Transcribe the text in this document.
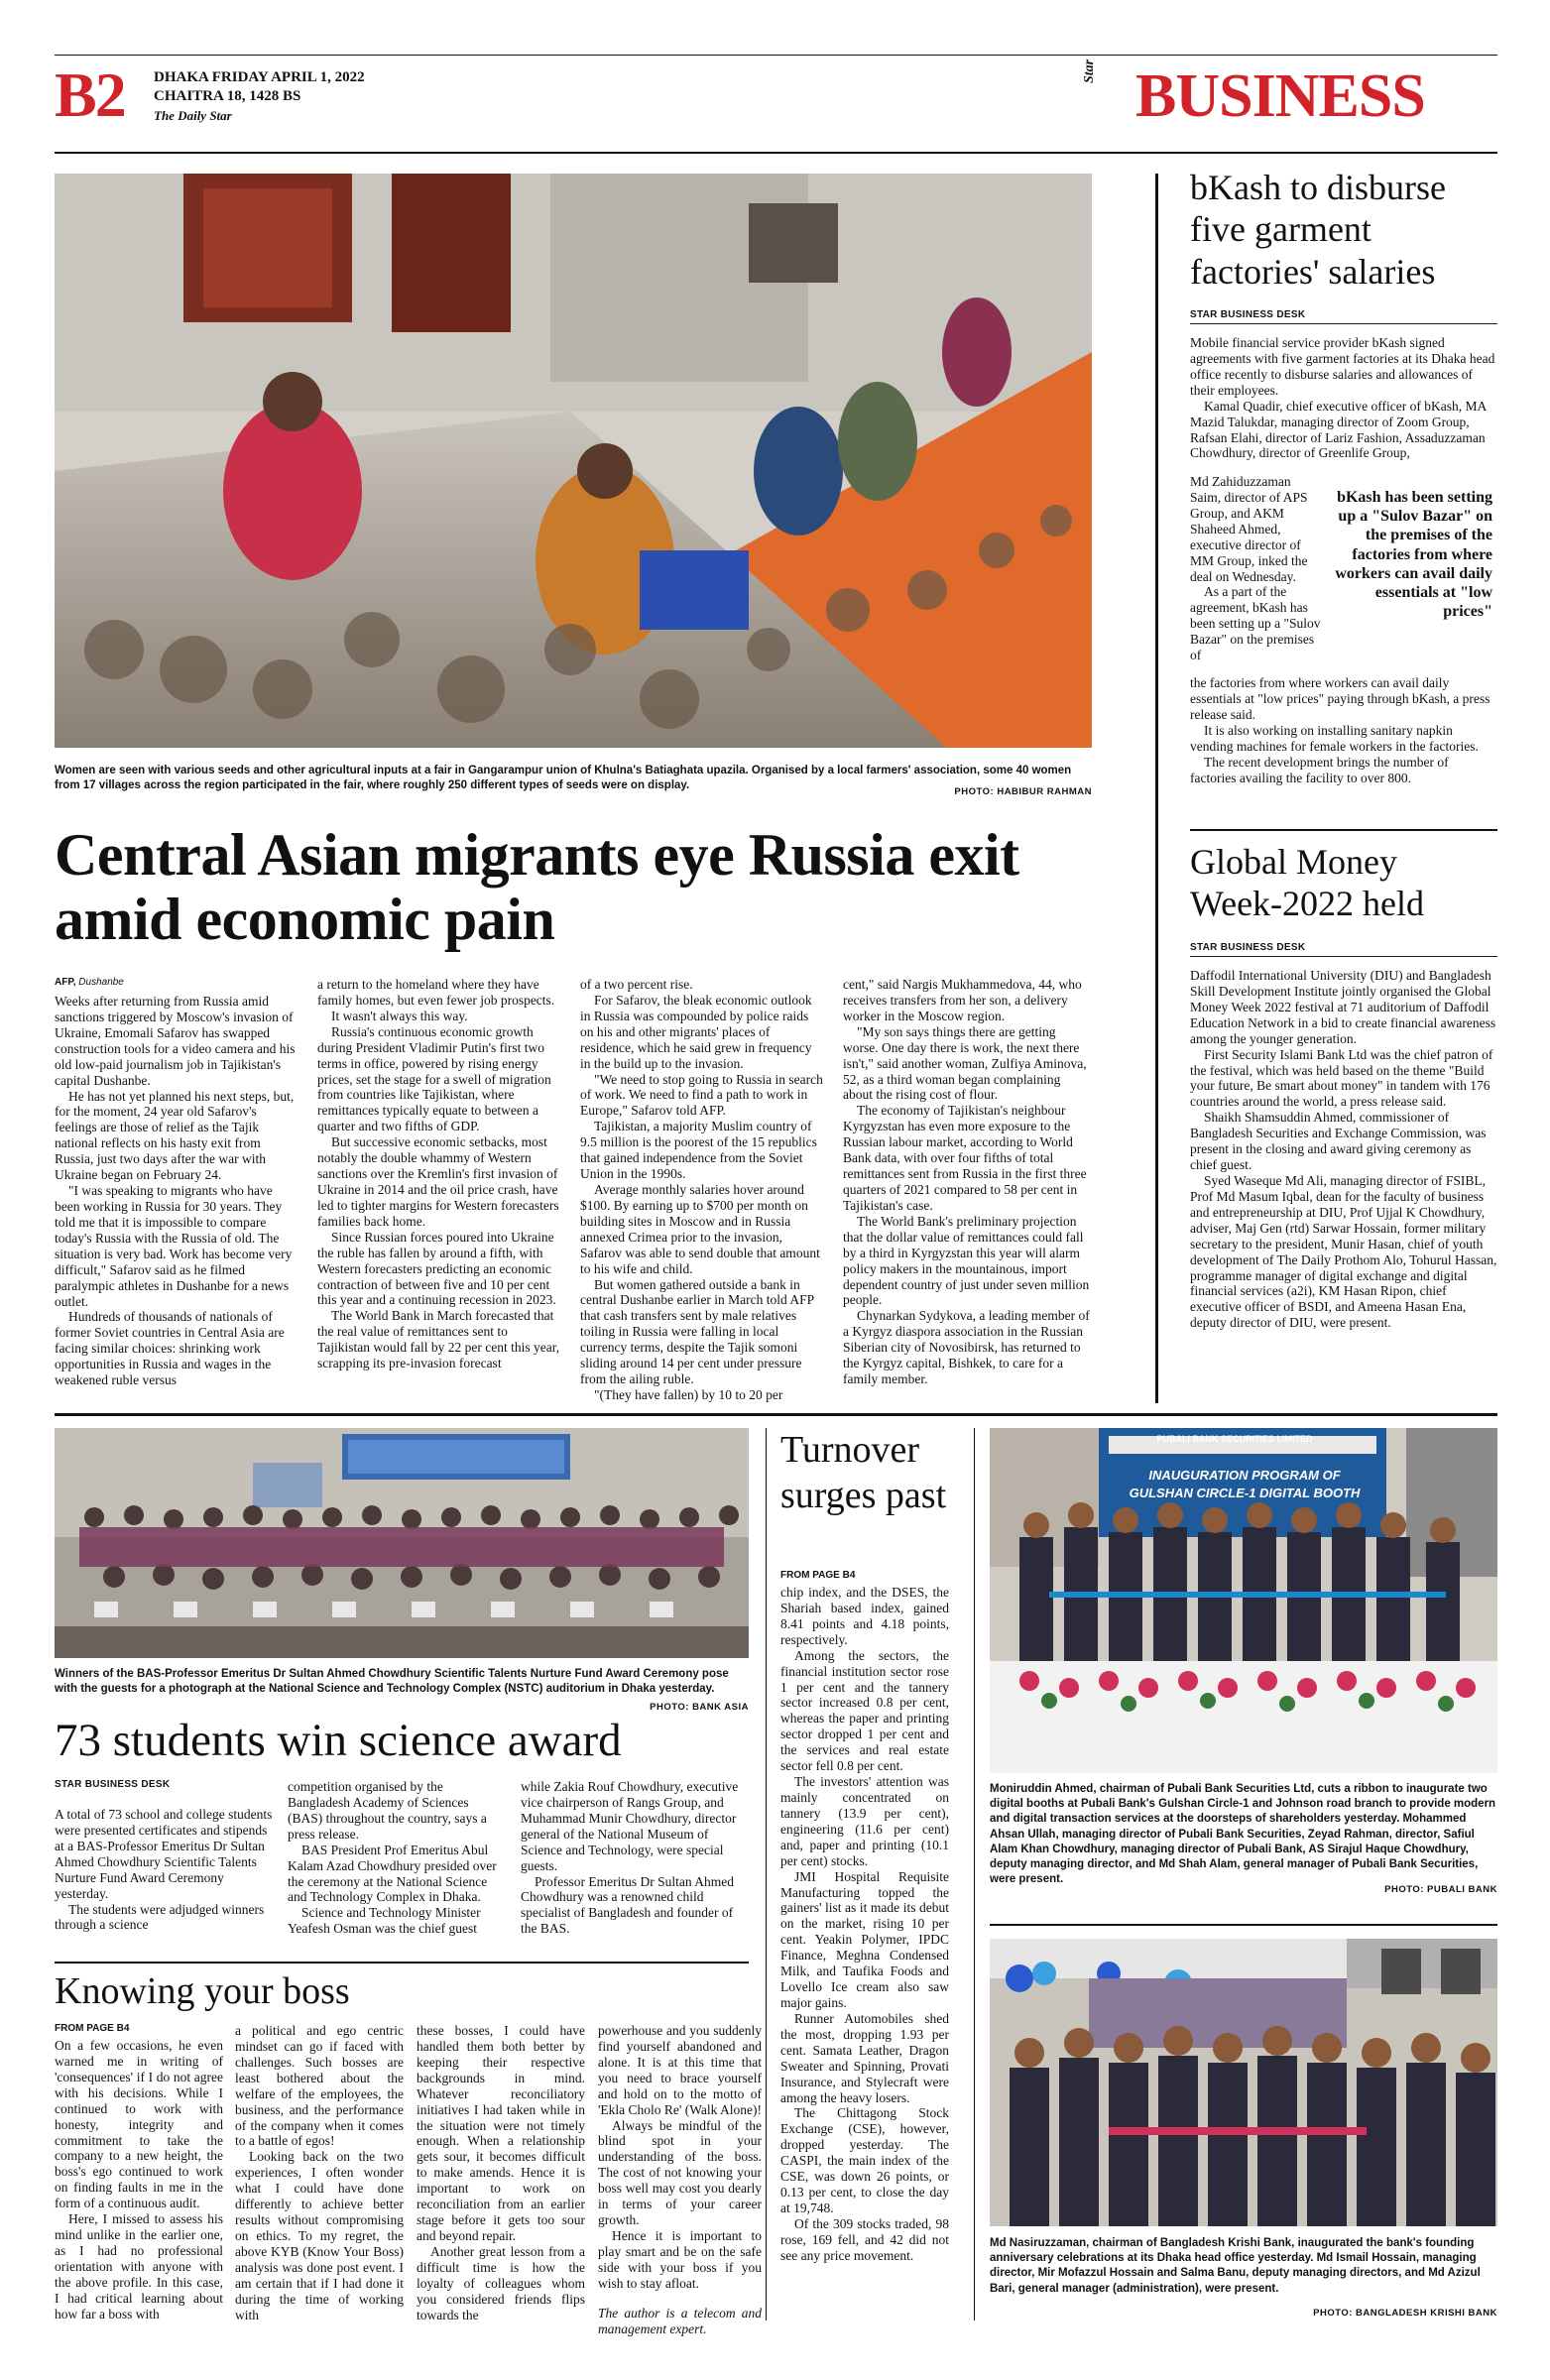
B2 DHAKA FRIDAY APRIL 1, 2022
CHAITRA 18, 1428 BS
The Daily Star
Star BUSINESS
Women are seen with various seeds and other agricultural inputs at a fair in Gangarampur union of Khulna's Batiaghata upazila. Organised by a local farmers' association, some 40 women from 17 villages across the region participated in the fair, where roughly 250 different types of seeds were on display.
PHOTO: HABIBUR RAHMAN
Central Asian migrants eye Russia exit amid economic pain
AFP, Dushanbe

Weeks after returning from Russia amid sanctions triggered by Moscow's invasion of Ukraine, Emomali Safarov has swapped construction tools for a video camera and his old low-paid journalism job in Tajikistan's capital Dushanbe.

He has not yet planned his next steps, but, for the moment, 24 year old Safarov's feelings are those of relief as the Tajik national reflects on his hasty exit from Russia, just two days after the war with Ukraine began on February 24.

"I was speaking to migrants who have been working in Russia for 30 years. They told me that it is impossible to compare today's Russia with the Russia of old. The situation is very bad. Work has become very difficult," Safarov said as he filmed paralympic athletes in Dushanbe for a news outlet.

Hundreds of thousands of nationals of former Soviet countries in Central Asia are facing similar choices: shrinking work opportunities in Russia and wages in the weakened ruble versus

a return to the homeland where they have family homes, but even fewer job prospects.

It wasn't always this way.

Russia's continuous economic growth during President Vladimir Putin's first two terms in office, powered by rising energy prices, set the stage for a swell of migration from countries like Tajikistan, where remittances typically equate to between a quarter and two fifths of GDP.

But successive economic setbacks, most notably the double whammy of Western sanctions over the Kremlin's first invasion of Ukraine in 2014 and the oil price crash, have led to tighter margins for Western forecasters families back home.

Since Russian forces poured into Ukraine the ruble has fallen by around a fifth, with Western forecasters predicting an economic contraction of between five and 10 per cent this year and a continuing recession in 2023.

The World Bank in March forecasted that the real value of remittances sent to Tajikistan would fall by 22 per cent this year, scrapping its pre-invasion forecast

of a two percent rise.

For Safarov, the bleak economic outlook in Russia was compounded by police raids on his and other migrants' places of residence, which he said grew in frequency in the build up to the invasion.

"We need to stop going to Russia in search of work. We need to find a path to work in Europe," Safarov told AFP.

Tajikistan, a majority Muslim country of 9.5 million is the poorest of the 15 republics that gained independence from the Soviet Union in the 1990s.

Average monthly salaries hover around $100. By earning up to $700 per month on building sites in Moscow and in Russia annexed Crimea prior to the invasion, Safarov was able to send double that amount to his wife and child.

But women gathered outside a bank in central Dushanbe earlier in March told AFP that cash transfers sent by male relatives toiling in Russia were falling in local currency terms, despite the Tajik somoni sliding around 14 per cent under pressure from the ailing ruble.

"(They have fallen) by 10 to 20 per

cent," said Nargis Mukhammedova, 44, who receives transfers from her son, a delivery worker in the Moscow region.

"My son says things there are getting worse. One day there is work, the next there isn't," said another woman, Zulfiya Aminova, 52, as a third woman began complaining about the rising cost of flour.

The economy of Tajikistan's neighbour Kyrgyzstan has even more exposure to the Russian labour market, according to World Bank data, with over four fifths of total remittances sent from Russia in the first three quarters of 2021 compared to 58 per cent in Tajikistan's case.

The World Bank's preliminary projection that the dollar value of remittances could fall by a third in Kyrgyzstan this year will alarm policy makers in the mountainous, import dependent country of just under seven million people.

Chynarkan Sydykova, a leading member of a Kyrgyz diaspora association in the Russian Siberian city of Novosibirsk, has returned to the Kyrgyz capital, Bishkek, to care for a family member.

bKash to disburse five garment factories' salaries
STAR BUSINESS DESK

Mobile financial service provider bKash signed agreements with five garment factories at its Dhaka head office recently to disburse salaries and allowances of their employees.

Kamal Quadir, chief executive officer of bKash, MA Mazid Talukdar, managing director of Zoom Group, Rafsan Elahi, director of Lariz Fashion, Assaduzzaman Chowdhury, director of Greenlife Group,

Md Zahiduzzaman Saim, director of APS Group, and AKM Shaheed Ahmed, executive director of MM Group, inked the deal on Wednesday.

As a part of the agreement, bKash has been setting up a "Sulov Bazar" on the premises of

bKash has been setting up a "Sulov Bazar" on the premises of the factories from where workers can avail daily essentials at "low prices"

the factories from where workers can avail daily essentials at "low prices" paying through bKash, a press release said.

It is also working on installing sanitary napkin vending machines for female workers in the factories.

The recent development brings the number of factories availing the facility to over 800.

Global Money Week-2022 held
STAR BUSINESS DESK

Daffodil International University (DIU) and Bangladesh Skill Development Institute jointly organised the Global Money Week 2022 festival at 71 auditorium of Daffodil Education Network in a bid to create financial awareness among the younger generation.

First Security Islami Bank Ltd was the chief patron of the festival, which was held based on the theme "Build your future, Be smart about money" in tandem with 176 countries around the world, a press release said.

Shaikh Shamsuddin Ahmed, commissioner of Bangladesh Securities and Exchange Commission, was present in the closing and award giving ceremony as chief guest.

Syed Waseque Md Ali, managing director of FSIBL, Prof Md Masum Iqbal, dean for the faculty of business and entrepreneurship at DIU, Prof Ujjal K Chowdhury, adviser, Maj Gen (rtd) Sarwar Hossain, former military secretary to the president, Munir Hasan, chief of youth development of The Daily Prothom Alo, Tohurul Hassan, programme manager of digital exchange and digital financial services (a2i), KM Hasan Ripon, chief executive officer of BSDI, and Ameena Hasan Ena, deputy director of DIU, were present.

Winners of the BAS-Professor Emeritus Dr Sultan Ahmed Chowdhury Scientific Talents Nurture Fund Award Ceremony pose with the guests for a photograph at the National Science and Technology Complex (NSTC) auditorium in Dhaka yesterday.
PHOTO: BANK ASIA
73 students win science award
STAR BUSINESS DESK

A total of 73 school and college students were presented certificates and stipends at a BAS-Professor Emeritus Dr Sultan Ahmed Chowdhury Scientific Talents Nurture Fund Award Ceremony yesterday.

The students were adjudged winners through a science

competition organised by the Bangladesh Academy of Sciences (BAS) throughout the country, says a press release.

BAS President Prof Emeritus Abul Kalam Azad Chowdhury presided over the ceremony at the National Science and Technology Complex in Dhaka.

Science and Technology Minister Yeafesh Osman was the chief guest

while Zakia Rouf Chowdhury, executive vice chairperson of Rangs Group, and Muhammad Munir Chowdhury, director general of the National Museum of Science and Technology, were special guests.

Professor Emeritus Dr Sultan Ahmed Chowdhury was a renowned child specialist of Bangladesh and founder of the BAS.

Turnover surges past
FROM PAGE B4

chip index, and the DSES, the Shariah based index, gained 8.41 points and 4.18 points, respectively.

Among the sectors, the financial institution sector rose 1 per cent and the tannery sector increased 0.8 per cent, whereas the paper and printing sector dropped 1 per cent and the services and real estate sector fell 0.8 per cent.

The investors' attention was mainly concentrated on tannery (13.9 per cent), engineering (11.6 per cent) and, paper and printing (10.1 per cent) stocks.

JMI Hospital Requisite Manufacturing topped the gainers' list as it made its debut on the market, rising 10 per cent. Yeakin Polymer, IPDC Finance, Meghna Condensed Milk, and Taufika Foods and Lovello Ice cream also saw major gains.

Runner Automobiles shed the most, dropping 1.93 per cent. Samata Leather, Dragon Sweater and Spinning, Provati Insurance, and Stylecraft were among the heavy losers.

The Chittagong Stock Exchange (CSE), however, dropped yesterday. The CASPI, the main index of the CSE, was down 26 points, or 0.13 per cent, to close the day at 19,748.

Of the 309 stocks traded, 98 rose, 169 fell, and 42 did not see any price movement.

PUBALI BANK SECURITIES LIMITED
INAUGURATION PROGRAM OF
GULSHAN CIRCLE-1 DIGITAL BOOTH
Moniruddin Ahmed, chairman of Pubali Bank Securities Ltd, cuts a ribbon to inaugurate two digital booths at Pubali Bank's Gulshan Circle-1 and Johnson road branch to provide modern and digital transaction services at the doorsteps of shareholders yesterday. Mohammed Ahsan Ullah, managing director of Pubali Bank Securities, Zeyad Rahman, director, Safiul Alam Khan Chowdhury, managing director of Pubali Bank, AS Sirajul Haque Chowdhury, deputy managing director, and Md Shah Alam, general manager of Pubali Bank Securities, were present.
PHOTO: PUBALI BANK
Md Nasiruzzaman, chairman of Bangladesh Krishi Bank, inaugurated the bank's founding anniversary celebrations at its Dhaka head office yesterday. Md Ismail Hossain, managing director, Mir Mofazzul Hossain and Salma Banu, deputy managing directors, and Md Azizul Bari, general manager (administration), were present.
PHOTO: BANGLADESH KRISHI BANK
Knowing your boss
FROM PAGE B4

On a few occasions, he even warned me in writing of 'consequences' if I do not agree with his decisions. While I continued to work with honesty, integrity and commitment to take the company to a new height, the boss's ego continued to work on finding faults in me in the form of a continuous audit.

Here, I missed to assess his mind unlike in the earlier one, as I had no professional orientation with anyone with the above profile. In this case, I had critical learning about how far a boss with

a political and ego centric mindset can go if faced with challenges. Such bosses are least bothered about the welfare of the employees, the business, and the performance of the company when it comes to a battle of egos!

Looking back on the two experiences, I often wonder what I could have done differently to achieve better results without compromising on ethics. To my regret, the above KYB (Know Your Boss) analysis was done post event. I am certain that if I had done it during the time of working with

these bosses, I could have handled them both better by keeping their respective backgrounds in mind. Whatever reconciliatory initiatives I had taken while in the situation were not timely enough. When a relationship gets sour, it becomes difficult to make amends. Hence it is important to work on reconciliation from an earlier stage before it gets too sour and beyond repair.

Another great lesson from a difficult time is how the loyalty of colleagues whom you considered friends flips towards the

powerhouse and you suddenly find yourself abandoned and alone. It is at this time that you need to brace yourself and hold on to the motto of 'Ekla Cholo Re' (Walk Alone)!

Always be mindful of the blind spot in your understanding of the boss. The cost of not knowing your boss well may cost you dearly in terms of your career growth.

Hence it is important to play smart and be on the safe side with your boss if you wish to stay afloat.

The author is a telecom and management expert.
